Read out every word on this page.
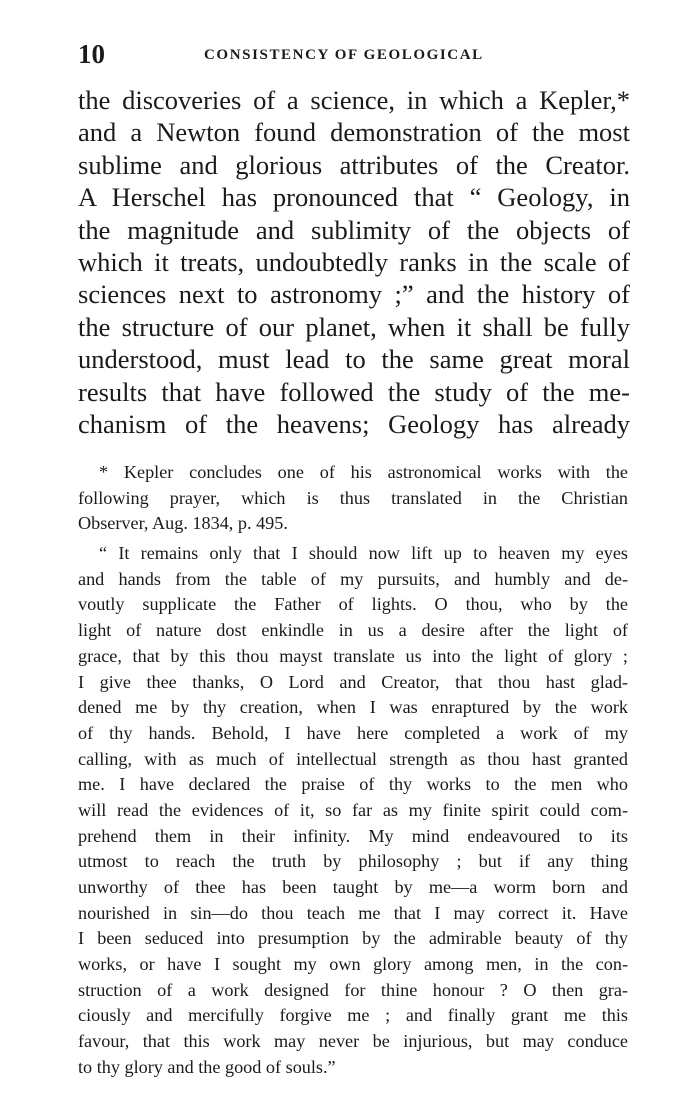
10	CONSISTENCY OF GEOLOGICAL
the discoveries of a science, in which a Kepler,*
and a Newton found demonstration of the most
sublime and glorious attributes of the Creator.
A Herschel has pronounced that “ Geology, in
the magnitude and sublimity of the objects of
which it treats, undoubtedly ranks in the scale of
sciences next to astronomy ;” and the history of
the structure of our planet, when it shall be fully
understood, must lead to the same great moral
results that have followed the study of the me-
chanism of the heavens; Geology has already
* Kepler concludes one of his astronomical works with the
following prayer, which is thus translated in the Christian
Observer, Aug. 1834, p. 495.
“ It remains only that I should now lift up to heaven my eyes
and hands from the table of my pursuits, and humbly and de-
voutly supplicate the Father of lights. O thou, who by the
light of nature dost enkindle in us a desire after the light of
grace, that by this thou mayst translate us into the light of glory ;
I give thee thanks, O Lord and Creator, that thou hast glad-
dened me by thy creation, when I was enraptured by the work
of thy hands. Behold, I have here completed a work of my
calling, with as much of intellectual strength as thou hast granted
me. I have declared the praise of thy works to the men who
will read the evidences of it, so far as my finite spirit could com-
prehend them in their infinity. My mind endeavoured to its
utmost to reach the truth by philosophy ; but if any thing
unworthy of thee has been taught by me—a worm born and
nourished in sin—do thou teach me that I may correct it. Have
I been seduced into presumption by the admirable beauty of thy
works, or have I sought my own glory among men, in the con-
struction of a work designed for thine honour ? O then gra-
ciously and mercifully forgive me ; and finally grant me this
favour, that this work may never be injurious, but may conduce
to thy glory and the good of souls.”
